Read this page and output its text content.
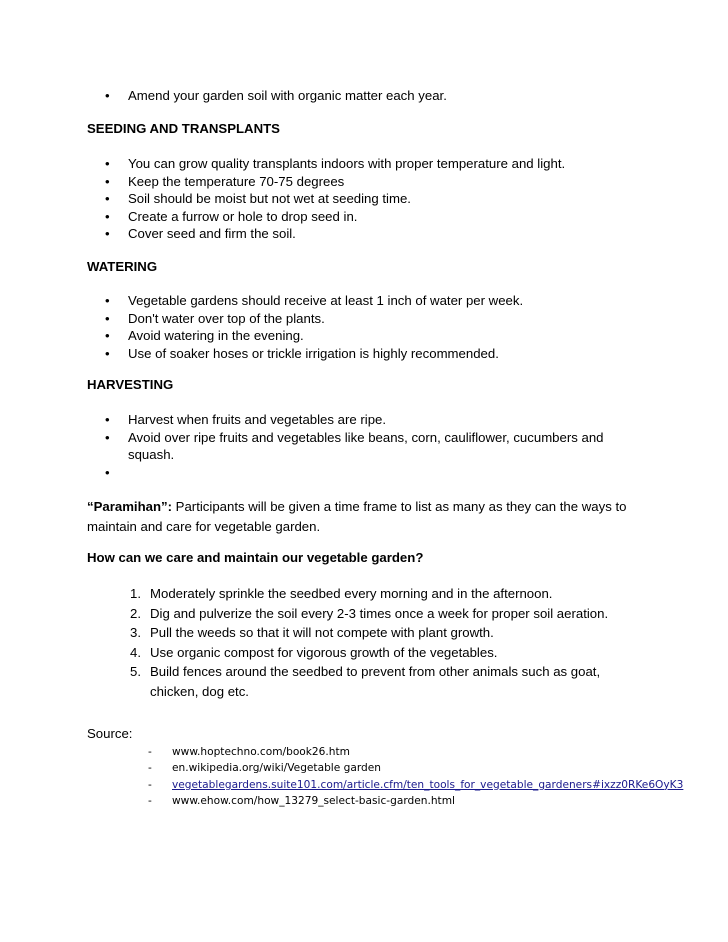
• Amend your garden soil with organic matter each year.
SEEDING AND TRANSPLANTS
• You can grow quality transplants indoors with proper temperature and light.
• Keep the temperature 70-75 degrees
• Soil should be moist but not wet at seeding time.
• Create a furrow or hole to drop seed in.
• Cover seed and firm the soil.
WATERING
• Vegetable gardens should receive at least 1 inch of water per week.
• Don't water over top of the plants.
• Avoid watering in the evening.
• Use of soaker hoses or trickle irrigation is highly recommended.
HARVESTING
• Harvest when fruits and vegetables are ripe.
• Avoid over ripe fruits and vegetables like beans, corn, cauliflower, cucumbers and squash.
•
“Paramihan”: Participants will be given a time frame to list as many as they can the ways to maintain and care for vegetable garden.
How can we care and maintain our vegetable garden?
1. Moderately sprinkle the seedbed every morning and in the afternoon.
2. Dig and pulverize the soil every 2-3 times once a week for proper soil aeration.
3. Pull the weeds so that it will not compete with plant growth.
4. Use organic compost for vigorous growth of the vegetables.
5. Build fences around the seedbed to prevent from other animals such as goat, chicken, dog etc.
Source:
- www.hoptechno.com/book26.htm
- en.wikipedia.org/wiki/Vegetable garden
- vegetablegardens.suite101.com/article.cfm/ten_tools_for_vegetable_gardeners#ixzz0RKe6OyK3
- www.ehow.com/how_13279_select-basic-garden.html
